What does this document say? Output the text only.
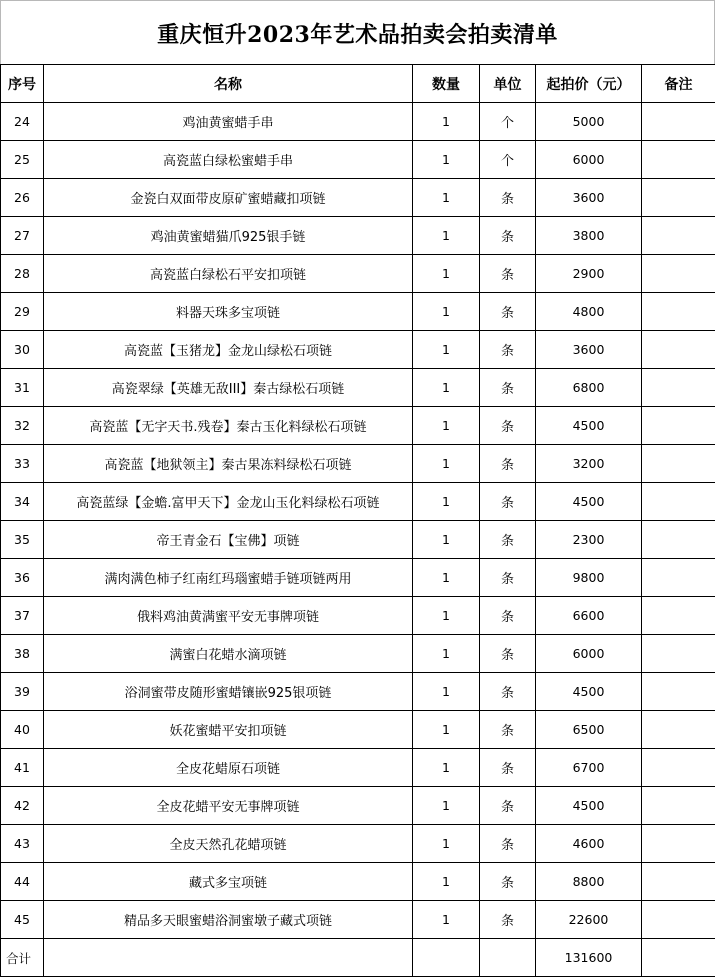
重庆恒升2023年艺术品拍卖会拍卖清单
序号	名称	数量	单位	起拍价（元）	备注
24	鸡油黄蜜蜡手串	1	个	5000	
25	高瓷蓝白绿松蜜蜡手串	1	个	6000	
26	金瓷白双面带皮原矿蜜蜡藏扣项链	1	条	3600	
27	鸡油黄蜜蜡猫爪925银手链	1	条	3800	
28	高瓷蓝白绿松石平安扣项链	1	条	2900	
29	料器天珠多宝项链	1	条	4800	
30	高瓷蓝【玉猪龙】金龙山绿松石项链	1	条	3600	
31	高瓷翠绿【英雄无敌III】秦古绿松石项链	1	条	6800	
32	高瓷蓝【无字天书.残卷】秦古玉化料绿松石项链	1	条	4500	
33	高瓷蓝【地狱领主】秦古果冻料绿松石项链	1	条	3200	
34	高瓷蓝绿【金蟾.富甲天下】金龙山玉化料绿松石项链	1	条	4500	
35	帝王青金石【宝佛】项链	1	条	2300	
36	满肉满色柿子红南红玛瑙蜜蜡手链项链两用	1	条	9800	
37	俄料鸡油黄满蜜平安无事牌项链	1	条	6600	
38	满蜜白花蜡水滴项链	1	条	6000	
39	浴洞蜜带皮随形蜜蜡镶嵌925银项链	1	条	4500	
40	妖花蜜蜡平安扣项链	1	条	6500	
41	全皮花蜡原石项链	1	条	6700	
42	全皮花蜡平安无事牌项链	1	条	4500	
43	全皮天然孔花蜡项链	1	条	4600	
44	藏式多宝项链	1	条	8800	
45	精品多天眼蜜蜡浴洞蜜墩子藏式项链	1	条	22600	
合计				131600	
